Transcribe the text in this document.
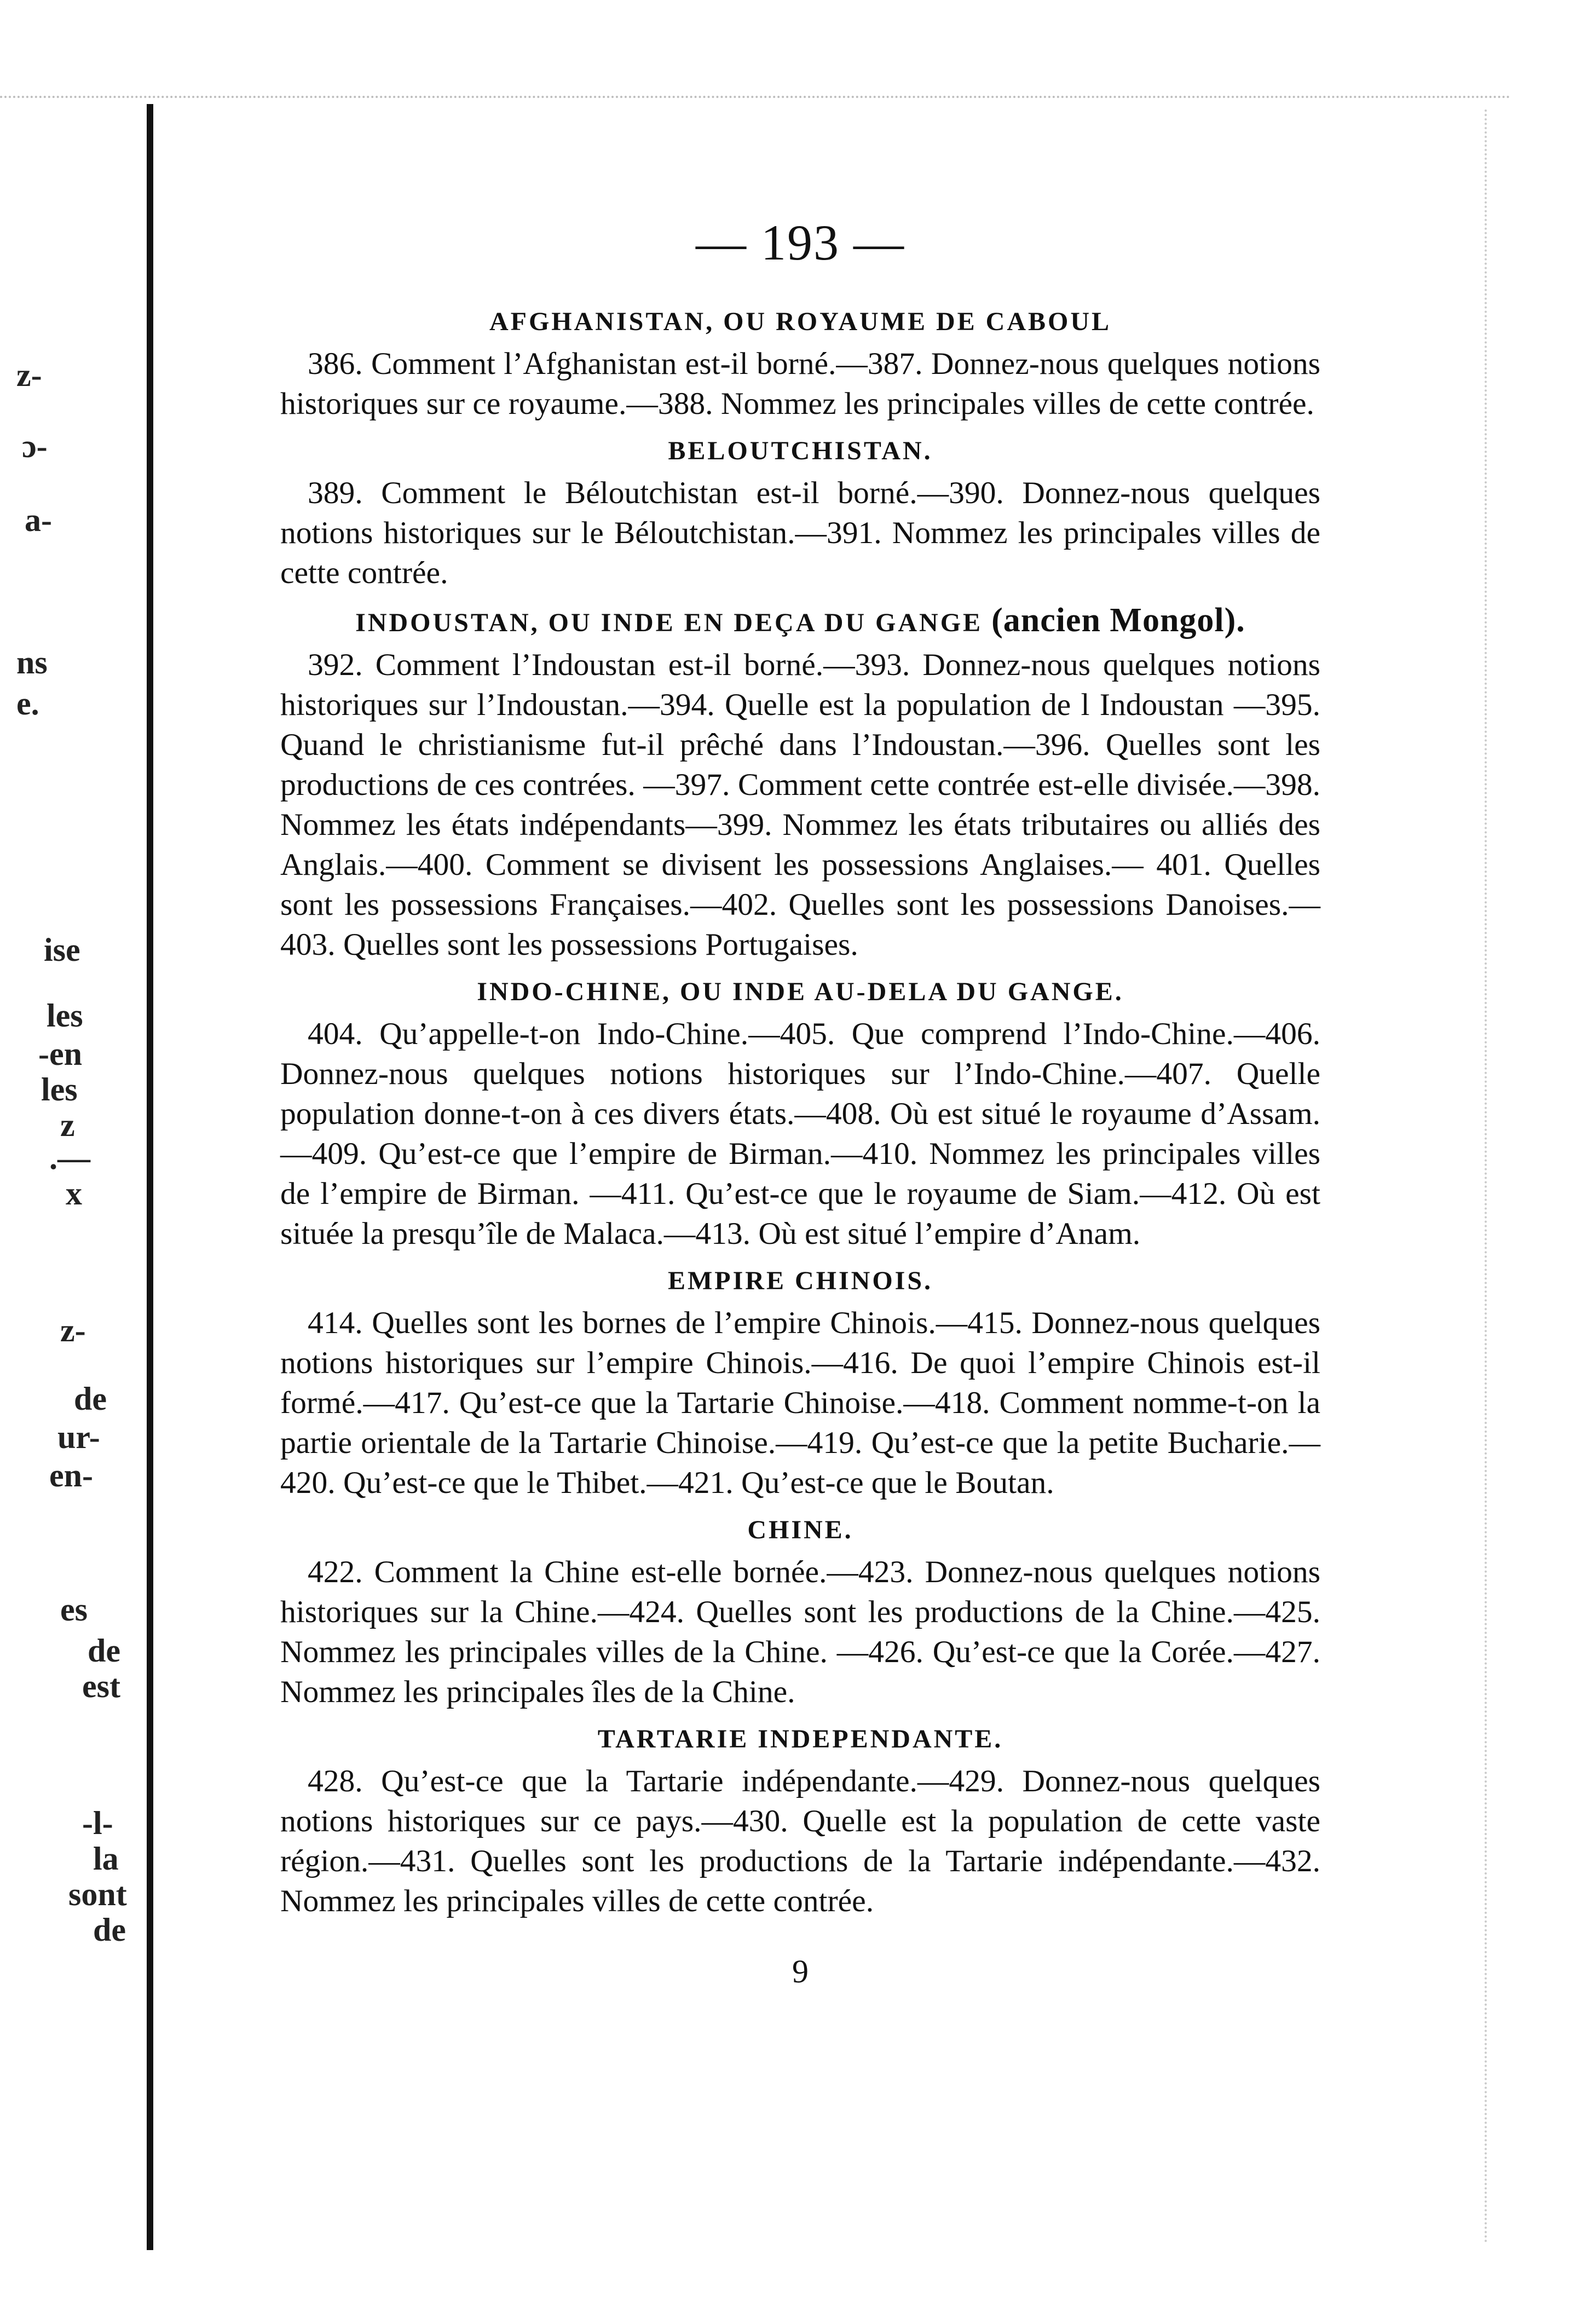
z-
ɔ-
a-
ns
e.
ise
les
-en
les
z
.—
x
z-
de
ur-
en-
es
de
est
-l-
la
sont
de
— 193 —
AFGHANISTAN, OU ROYAUME DE CABOUL

386. Comment l’Afghanistan est-il borné.—387. Donnez-nous quelques notions historiques sur ce royaume.—388. Nommez les principales villes de cette contrée.

BELOUTCHISTAN.

389. Comment le Béloutchistan est-il borné.—390. Donnez-nous quelques notions historiques sur le Béloutchistan.—391. Nommez les principales villes de cette contrée.

INDOUSTAN, OU INDE EN DEÇA DU GANGE (ancien Mongol).

392. Comment l’Indoustan est-il borné.—393. Donnez-nous quelques notions historiques sur l’Indoustan.—394. Quelle est la population de l Indoustan —395. Quand le christianisme fut-il prêché dans l’Indoustan.—396. Quelles sont les productions de ces contrées. —397. Comment cette contrée est-elle divisée.—398. Nommez les états indépendants—399. Nommez les états tributaires ou alliés des Anglais.—400. Comment se divisent les possessions Anglaises.— 401. Quelles sont les possessions Françaises.—402. Quelles sont les possessions Danoises.—403. Quelles sont les possessions Portugaises.

INDO-CHINE, OU INDE AU-DELA DU GANGE.

404. Qu’appelle-t-on Indo-Chine.—405. Que comprend l’Indo-Chine.—406. Donnez-nous quelques notions historiques sur l’Indo-Chine.—407. Quelle population donne-t-on à ces divers états.—408. Où est situé le royaume d’Assam.—409. Qu’est-ce que l’empire de Birman.—410. Nommez les principales villes de l’empire de Birman. —411. Qu’est-ce que le royaume de Siam.—412. Où est située la presqu’île de Malaca.—413. Où est situé l’empire d’Anam.

EMPIRE CHINOIS.

414. Quelles sont les bornes de l’empire Chinois.—415. Donnez-nous quelques notions historiques sur l’empire Chinois.—416. De quoi l’empire Chinois est-il formé.—417. Qu’est-ce que la Tartarie Chinoise.—418. Comment nomme-t-on la partie orientale de la Tartarie Chinoise.—419. Qu’est-ce que la petite Bucharie.—420. Qu’est-ce que le Thibet.—421. Qu’est-ce que le Boutan.

CHINE.

422. Comment la Chine est-elle bornée.—423. Donnez-nous quelques notions historiques sur la Chine.—424. Quelles sont les productions de la Chine.—425. Nommez les principales villes de la Chine. —426. Qu’est-ce que la Corée.—427. Nommez les principales îles de la Chine.

TARTARIE INDEPENDANTE.

428. Qu’est-ce que la Tartarie indépendante.—429. Donnez-nous quelques notions historiques sur ce pays.—430. Quelle est la population de cette vaste région.—431. Quelles sont les productions de la Tartarie indépendante.—432. Nommez les principales villes de cette contrée.

9
